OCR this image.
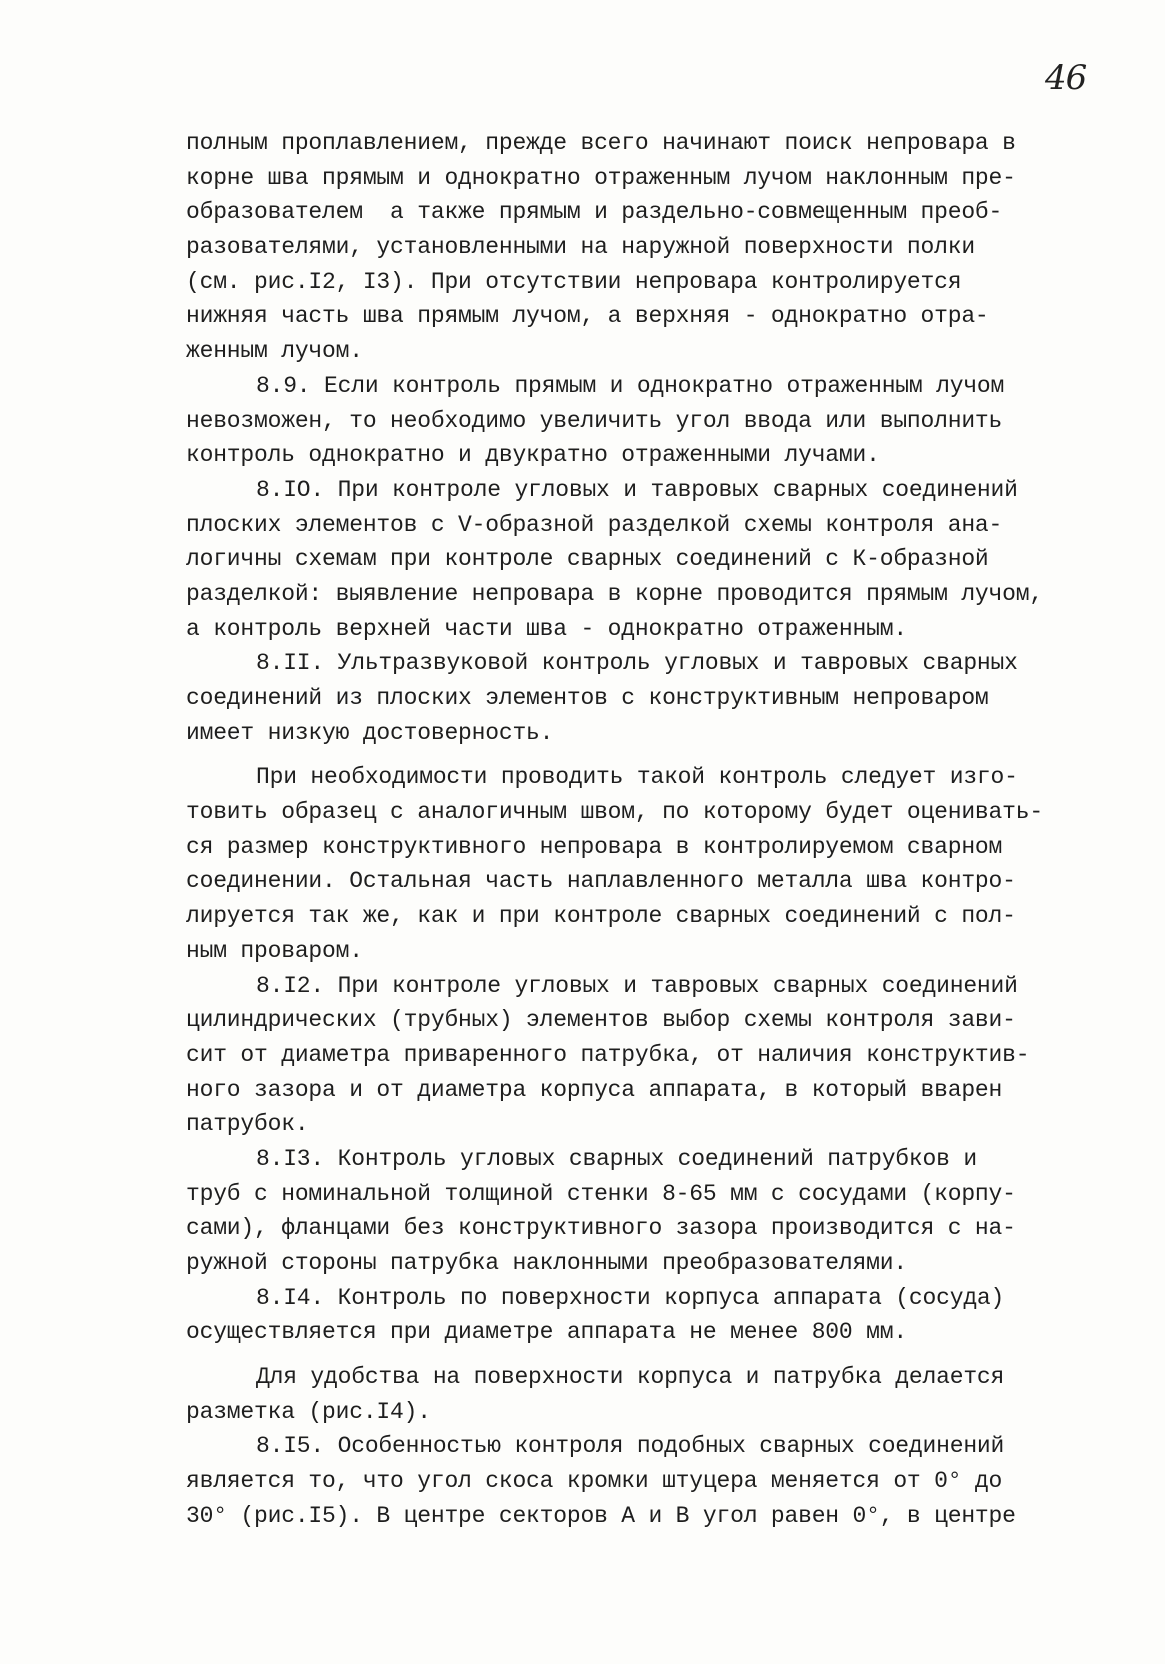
46
полным проплавлением, прежде всего начинают поиск непровара в
корне шва прямым и однократно отраженным лучом наклонным пре-
образователем  а также прямым и раздельно-совмещенным преоб-
разователями, установленными на наружной поверхности полки
(см. рис.I2, I3). При отсутствии непровара контролируется
нижняя часть шва прямым лучом, а верхняя - однократно отра-
женным лучом.
8.9. Если контроль прямым и однократно отраженным лучом
невозможен, то необходимо увеличить угол ввода или выполнить
контроль однократно и двукратно отраженными лучами.
8.IO. При контроле угловых и тавровых сварных соединений
плоских элементов с V-образной разделкой схемы контроля ана-
логичны схемам при контроле сварных соединений с К-образной
разделкой: выявление непровара в корне проводится прямым лучом,
а контроль верхней части шва - однократно отраженным.
8.II. Ультразвуковой контроль угловых и тавровых сварных
соединений из плоских элементов с конструктивным непроваром
имеет низкую достоверность.
При необходимости проводить такой контроль следует изго-
товить образец с аналогичным швом, по которому будет оценивать-
ся размер конструктивного непровара в контролируемом сварном
соединении. Остальная часть наплавленного металла шва контро-
лируется так же, как и при контроле сварных соединений с пол-
ным проваром.
8.I2. При контроле угловых и тавровых сварных соединений
цилиндрических (трубных) элементов выбор схемы контроля зави-
сит от диаметра приваренного патрубка, от наличия конструктив-
ного зазора и от диаметра корпуса аппарата, в который вварен
патрубок.
8.I3. Контроль угловых сварных соединений патрубков и
труб с номинальной толщиной стенки 8-65 мм с сосудами (корпу-
сами), фланцами без конструктивного зазора производится с на-
ружной стороны патрубка наклонными преобразователями.
8.I4. Контроль по поверхности корпуса аппарата (сосуда)
осуществляется при диаметре аппарата не менее 800 мм.
Для удобства на поверхности корпуса и патрубка делается
разметка (рис.I4).
8.I5. Особенностью контроля подобных сварных соединений
является то, что угол скоса кромки штуцера меняется от 0° до
30° (рис.I5). В центре секторов А и В угол равен 0°, в центре
